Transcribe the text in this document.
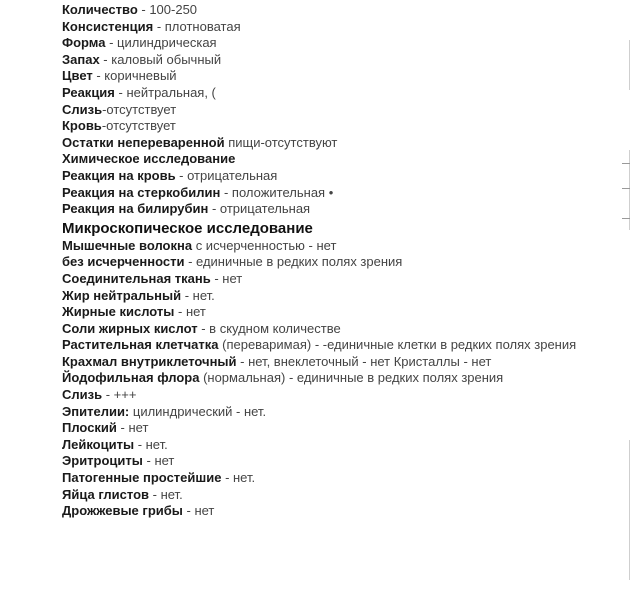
Количество - 100-250
Консистенция - плотноватая
Форма - цилиндрическая
Запах - каловый обычный
Цвет - коричневый
Реакция - нейтральная, (
Слизь-отсутствует
Кровь-отсутствует
Остатки непереваренной пищи-отсутствуют
Химическое исследование
Реакция на кровь - отрицательная
Реакция на стеркобилин - положительная •
Реакция на билирубин - отрицательная
Микроскопическое исследование
Мышечные волокна с исчерченностью - нет
без исчерченности - единичные в редких полях зрения
Соединительная ткань - нет
Жир нейтральный - нет.
Жирные кислоты - нет
Соли жирных кислот - в скудном количестве
Растительная клетчатка (переваримая) - -единичные клетки в редких полях зрения
Крахмал внутриклеточный - нет, внеклеточный - нет Кристаллы - нет
Йодофильная флора (нормальная) - единичные в редких полях зрения
Слизь - +++
Эпителии: цилиндрический - нет.
Плоский - нет
Лейкоциты - нет.
Эритроциты - нет
Патогенные простейшие - нет.
Яйца глистов - нет.
Дрожжевые грибы - нет
